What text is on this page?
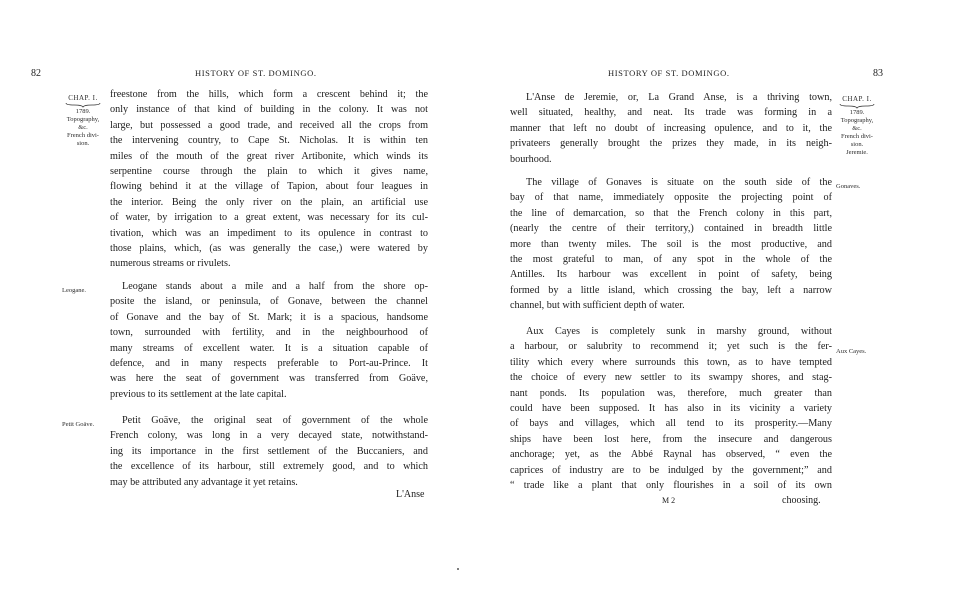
82	HISTORY OF ST. DOMINGO.
CHAP. I.
1789.
Topography,
&c.
French divi-
sion.
freestone from the hills, which form a crescent behind it; the
only instance of that kind of building in the colony. It was not
large, but possessed a good trade, and received all the crops from
the intervening country, to Cape St. Nicholas. It is within ten
miles of the mouth of the great river Artibonite, which winds its
serpentine course through the plain to which it gives name,
flowing behind it at the village of Tapion, about four leagues in
the interior. Being the only river on the plain, an artificial use
of water, by irrigation to a great extent, was necessary for its cul-
tivation, which was an impediment to its opulence in contrast to
those plains, which, (as was generally the case,) were watered by
numerous streams or rivulets.
Leogane.	Leogane stands about a mile and a half from the shore op-
posite the island, or peninsula, of Gonave, between the channel
of Gonave and the bay of St. Mark; it is a spacious, handsome
town, surrounded with fertility, and in the neighbourhood of
many streams of excellent water. It is a situation capable of
defence, and in many respects preferable to Port-au-Prince. It
was here the seat of government was transferred from Goäve,
previous to its settlement at the late capital.
Petit Goäve.	Petit Goäve, the original seat of government of the whole
French colony, was long in a very decayed state, notwithstand-
ing its importance in the first settlement of the Buccaniers, and
the excellence of its harbour, still extremely good, and to which
may be attributed any advantage it yet retains.
L'Anse
HISTORY OF ST. DOMINGO.	83
L'Anse de Jeremie, or, La Grand Anse, is a thriving town,
well situated, healthy, and neat. Its trade was forming in a
manner that left no doubt of increasing opulence, and to it, the
privateers generally brought the prizes they made, in its neigh-
bourhood.
CHAP. I.
1789.
Topography,
&c.
French divi-
sion.
Jeremie.
The village of Gonaves is situate on the south side of the
bay of that name, immediately opposite the projecting point of
the line of demarcation, so that the French colony in this part,
(nearly the centre of their territory,) contained in breadth little
more than twenty miles. The soil is the most productive, and
the most grateful to man, of any spot in the whole of the
Antilles. Its harbour was excellent in point of safety, being
formed by a little island, which crossing the bay, left a narrow
channel, but with sufficient depth of water.
Gonaves.
Aux Cayes is completely sunk in marshy ground, without
a harbour, or salubrity to recommend it; yet such is the fer-
tility which every where surrounds this town, as to have tempted
the choice of every new settler to its swampy shores, and stag-
nant ponds. Its population was, therefore, much greater than
could have been supposed. It has also in its vicinity a variety
of bays and villages, which all tend to its prosperity.—Many
ships have been lost here, from the insecure and dangerous
anchorage; yet, as the Abbé Raynal has observed, “ even the
caprices of industry are to be indulged by the government;” and
“ trade like a plant that only flourishes in a soil of its own
Aux Cayes.
M 2	choosing.
